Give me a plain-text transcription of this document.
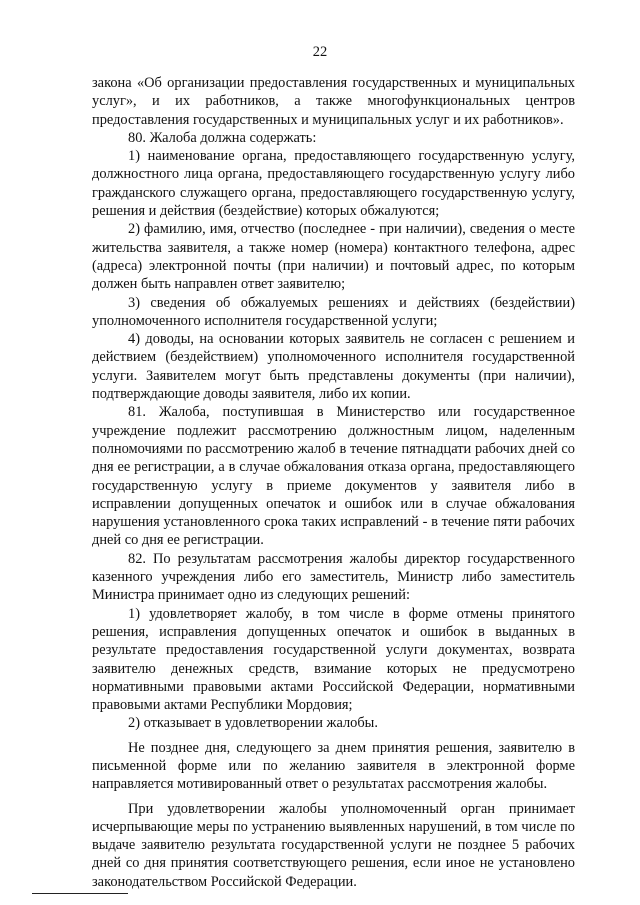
22

закона «Об организации предоставления государственных и муниципальных услуг», и их работников, а также многофункциональных центров предоставления государственных и муниципальных услуг и их работников».

80. Жалоба должна содержать:

1) наименование органа, предоставляющего государственную услугу, должностного лица органа, предоставляющего государственную услугу либо гражданского служащего органа, предоставляющего государственную услугу, решения и действия (бездействие) которых обжалуются;

2) фамилию, имя, отчество (последнее - при наличии), сведения о месте жительства заявителя, а также номер (номера) контактного телефона, адрес (адреса) электронной почты (при наличии) и почтовый адрес, по которым должен быть направлен ответ заявителю;

3) сведения об обжалуемых решениях и действиях (бездействии) уполномоченного исполнителя государственной услуги;

4) доводы, на основании которых заявитель не согласен с решением и действием (бездействием) уполномоченного исполнителя государственной услуги. Заявителем могут быть представлены документы (при наличии), подтверждающие доводы заявителя, либо их копии.

81. Жалоба, поступившая в Министерство или государственное учреждение подлежит рассмотрению должностным лицом, наделенным полномочиями по рассмотрению жалоб в течение пятнадцати рабочих дней со дня ее регистрации, а в случае обжалования отказа органа, предоставляющего государственную услугу в приеме документов у заявителя либо в исправлении допущенных опечаток и ошибок или в случае обжалования нарушения установленного срока таких исправлений - в течение пяти рабочих дней со дня ее регистрации.

82. По результатам рассмотрения жалобы директор государственного казенного учреждения либо его заместитель, Министр либо заместитель Министра принимает одно из следующих решений:

1) удовлетворяет жалобу, в том числе в форме отмены принятого решения, исправления допущенных опечаток и ошибок в выданных в результате предоставления государственной услуги документах, возврата заявителю денежных средств, взимание которых не предусмотрено нормативными правовыми актами Российской Федерации, нормативными правовыми актами Республики Мордовия;

2) отказывает в удовлетворении жалобы.

Не позднее дня, следующего за днем принятия решения, заявителю в письменной форме или по желанию заявителя в электронной форме направляется мотивированный ответ о результатах рассмотрения жалобы.

При удовлетворении жалобы уполномоченный орган принимает исчерпывающие меры по устранению выявленных нарушений, в том числе по выдаче заявителю результата государственной услуги не позднее 5 рабочих дней со дня принятия соответствующего решения, если иное не установлено законодательством Российской Федерации.
